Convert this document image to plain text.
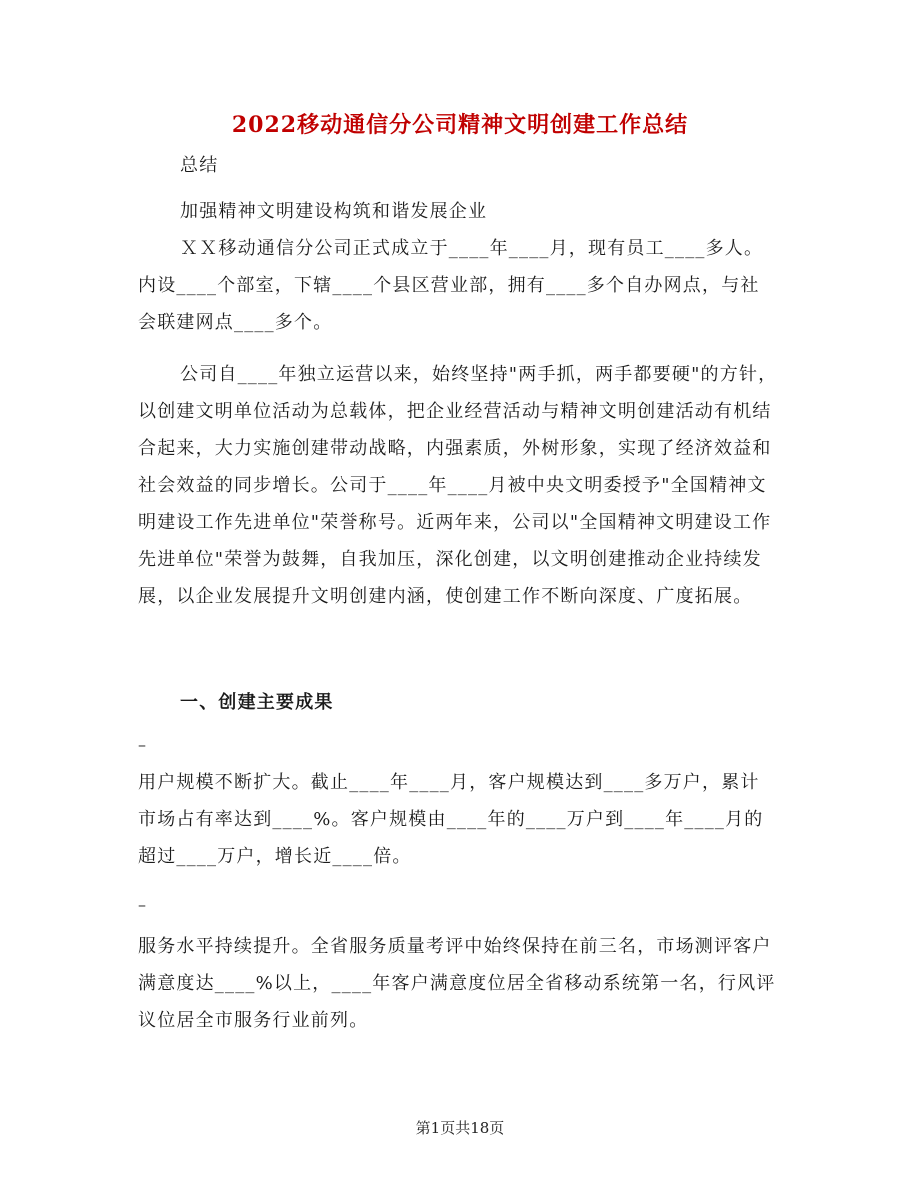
2022移动通信分公司精神文明创建工作总结

总结

加强精神文明建设构筑和谐发展企业

ＸＸ移动通信分公司正式成立于____年____月，现有员工____多人。内设____个部室，下辖____个县区营业部，拥有____多个自办网点，与社会联建网点____多个。

公司自____年独立运营以来，始终坚持"两手抓，两手都要硬"的方针，以创建文明单位活动为总载体，把企业经营活动与精神文明创建活动有机结合起来，大力实施创建带动战略，内强素质，外树形象，实现了经济效益和社会效益的同步增长。公司于____年____月被中央文明委授予"全国精神文明建设工作先进单位"荣誉称号。近两年来，公司以"全国精神文明建设工作先进单位"荣誉为鼓舞，自我加压，深化创建，以文明创建推动企业持续发展，以企业发展提升文明创建内涵，使创建工作不断向深度、广度拓展。

一、创建主要成果

–

用户规模不断扩大。截止____年____月，客户规模达到____多万户，累计市场占有率达到____%。客户规模由____年的____万户到____年____月的超过____万户，增长近____倍。

–

服务水平持续提升。全省服务质量考评中始终保持在前三名，市场测评客户满意度达____%以上，____年客户满意度位居全省移动系统第一名，行风评议位居全市服务行业前列。

第1页共18页
